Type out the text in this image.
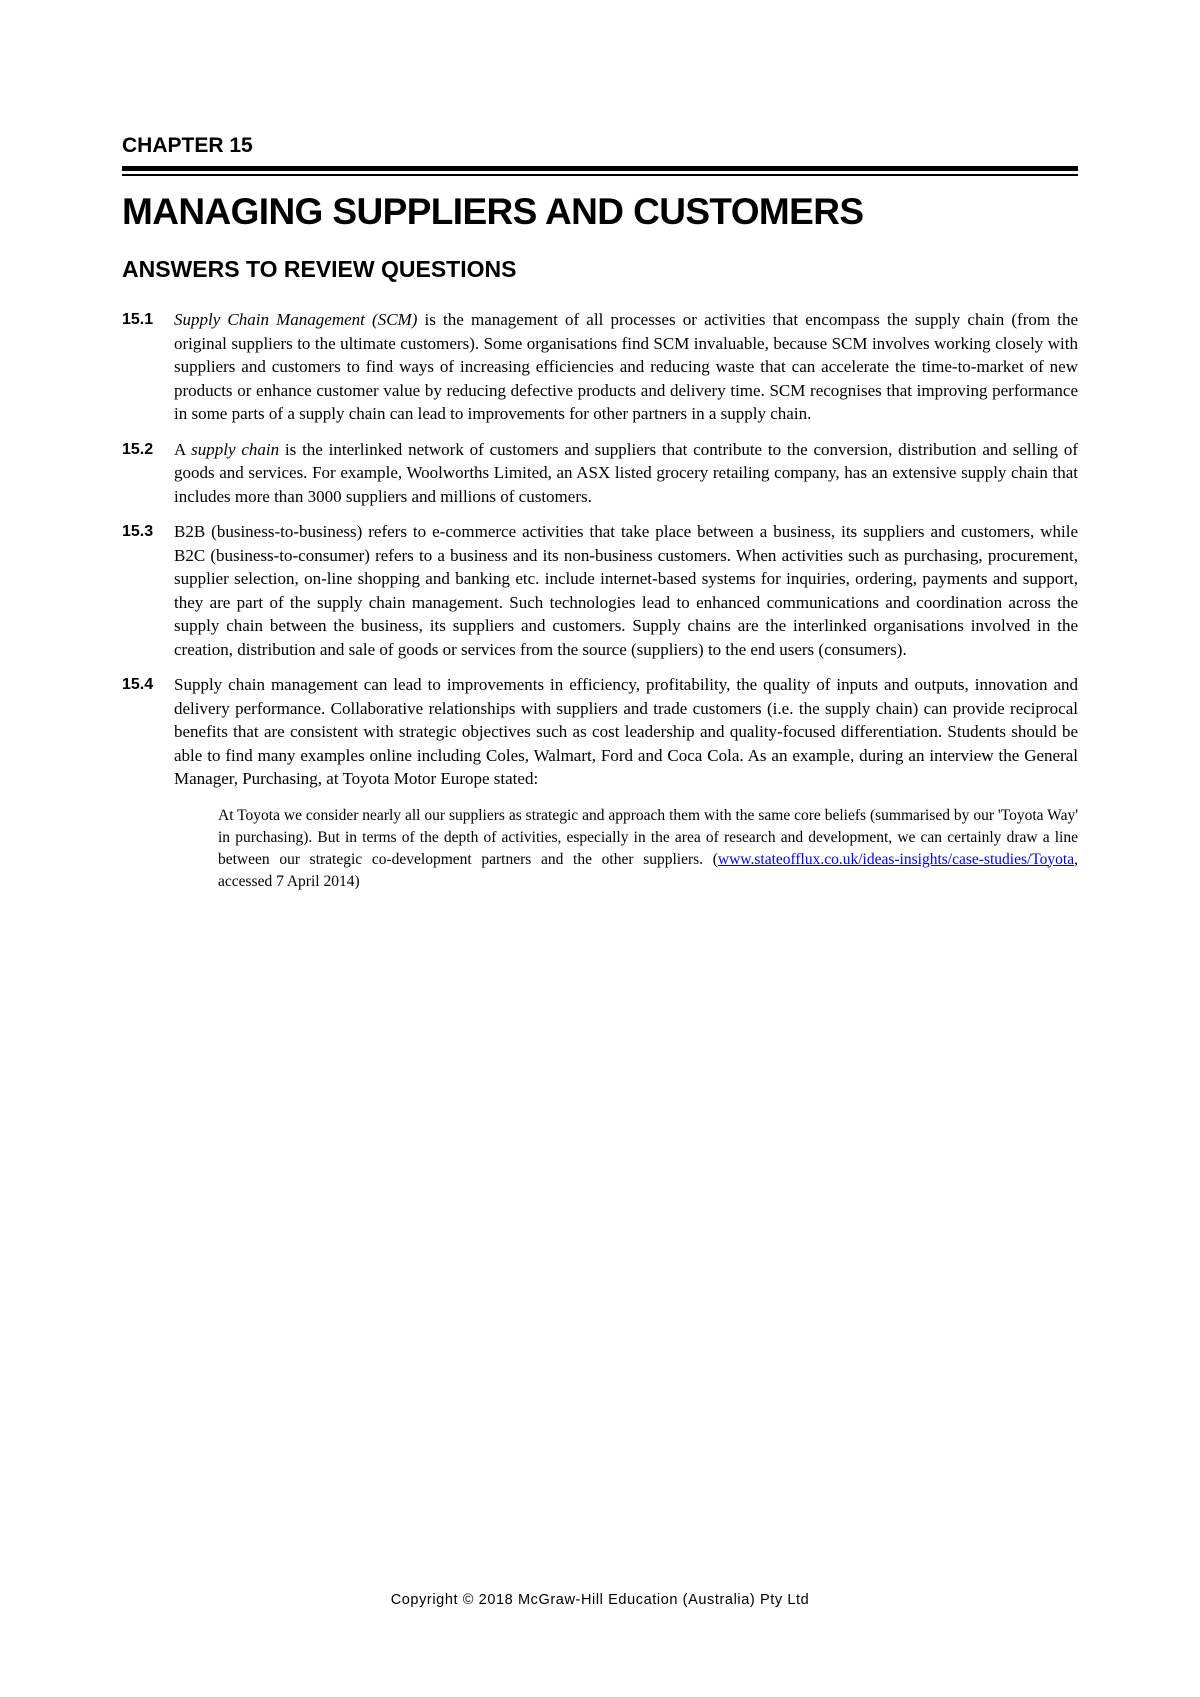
CHAPTER 15
MANAGING SUPPLIERS AND CUSTOMERS
ANSWERS TO REVIEW QUESTIONS
15.1	Supply Chain Management (SCM) is the management of all processes or activities that encompass the supply chain (from the original suppliers to the ultimate customers). Some organisations find SCM invaluable, because SCM involves working closely with suppliers and customers to find ways of increasing efficiencies and reducing waste that can accelerate the time-to-market of new products or enhance customer value by reducing defective products and delivery time. SCM recognises that improving performance in some parts of a supply chain can lead to improvements for other partners in a supply chain.
15.2	A supply chain is the interlinked network of customers and suppliers that contribute to the conversion, distribution and selling of goods and services. For example, Woolworths Limited, an ASX listed grocery retailing company, has an extensive supply chain that includes more than 3000 suppliers and millions of customers.
15.3	B2B (business-to-business) refers to e-commerce activities that take place between a business, its suppliers and customers, while B2C (business-to-consumer) refers to a business and its non-business customers. When activities such as purchasing, procurement, supplier selection, on-line shopping and banking etc. include internet-based systems for inquiries, ordering, payments and support, they are part of the supply chain management. Such technologies lead to enhanced communications and coordination across the supply chain between the business, its suppliers and customers. Supply chains are the interlinked organisations involved in the creation, distribution and sale of goods or services from the source (suppliers) to the end users (consumers).
15.4	Supply chain management can lead to improvements in efficiency, profitability, the quality of inputs and outputs, innovation and delivery performance. Collaborative relationships with suppliers and trade customers (i.e. the supply chain) can provide reciprocal benefits that are consistent with strategic objectives such as cost leadership and quality-focused differentiation. Students should be able to find many examples online including Coles, Walmart, Ford and Coca Cola. As an example, during an interview the General Manager, Purchasing, at Toyota Motor Europe stated:
At Toyota we consider nearly all our suppliers as strategic and approach them with the same core beliefs (summarised by our 'Toyota Way' in purchasing). But in terms of the depth of activities, especially in the area of research and development, we can certainly draw a line between our strategic co-development partners and the other suppliers. (www.stateofflux.co.uk/ideas-insights/case-studies/Toyota, accessed 7 April 2014)
Copyright © 2018 McGraw-Hill Education (Australia) Pty Ltd
